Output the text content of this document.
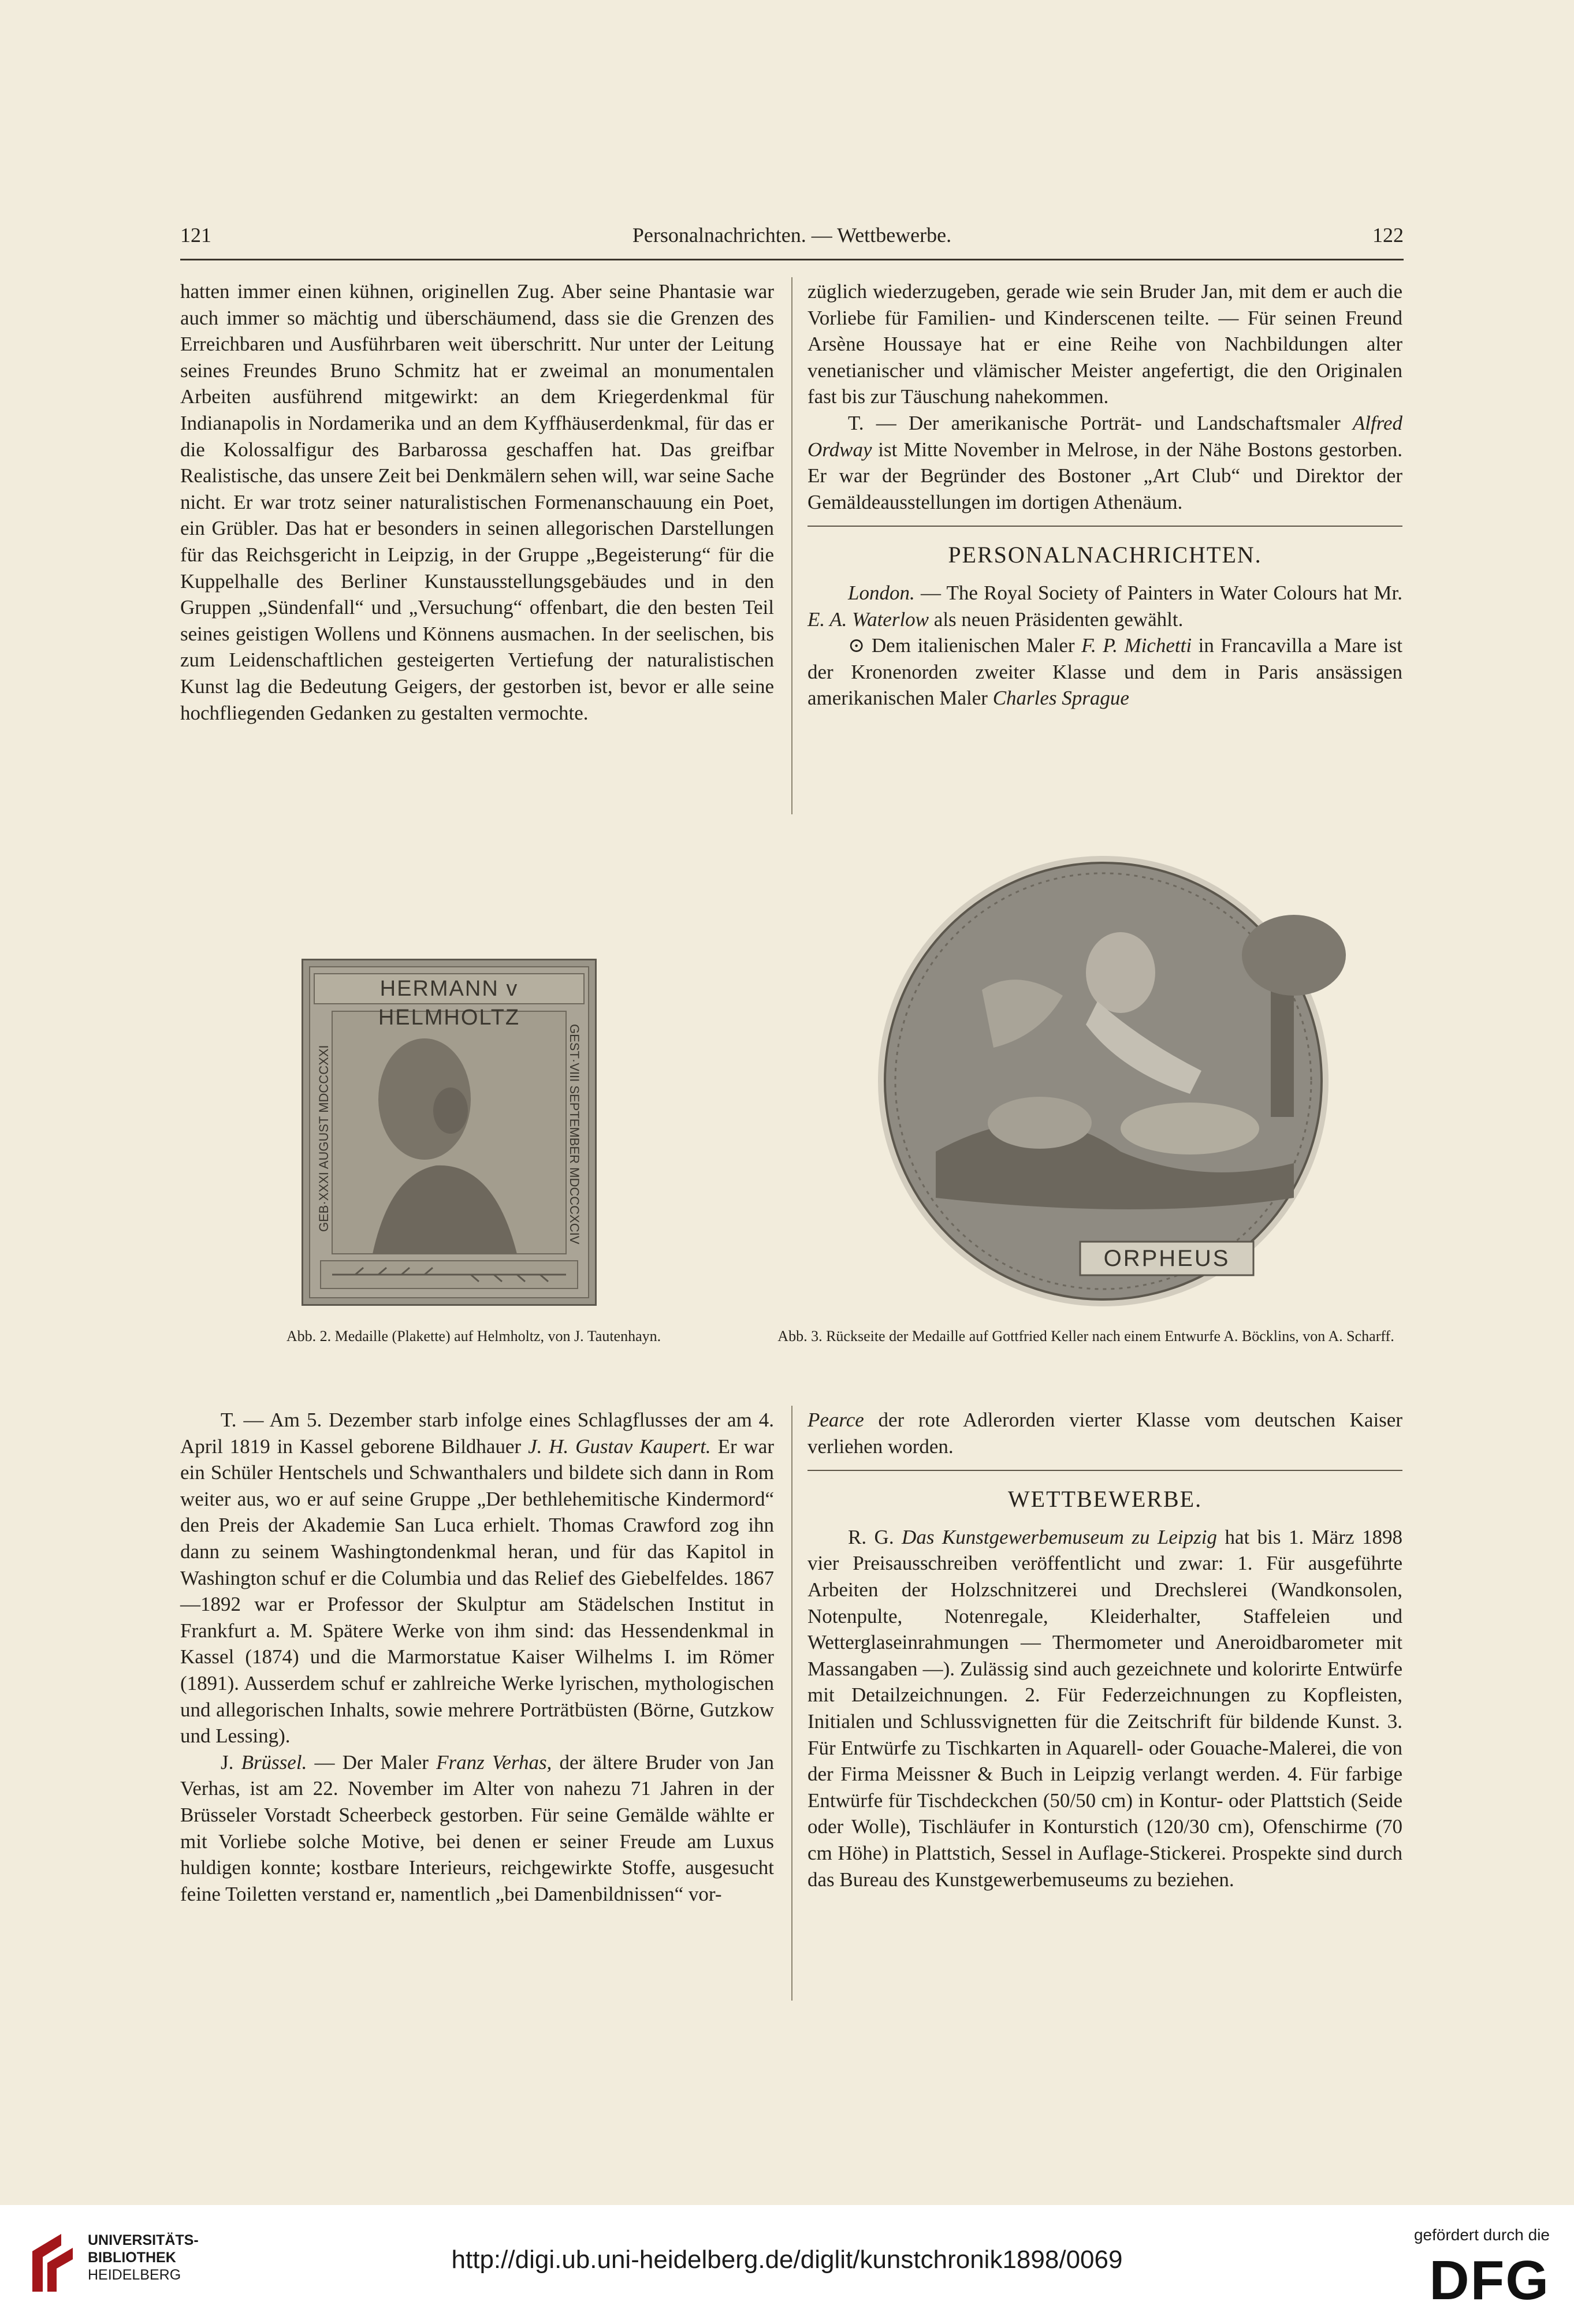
121	Personalnachrichten. — Wettbewerbe.	122

hatten immer einen kühnen, originellen Zug. Aber seine Phantasie war auch immer so mächtig und überschäumend, dass sie die Grenzen des Erreichbaren und Ausführbaren weit überschritt. Nur unter der Leitung seines Freundes Bruno Schmitz hat er zweimal an monumentalen Arbeiten ausführend mitgewirkt: an dem Kriegerdenkmal für Indianapolis in Nordamerika und an dem Kyffhäuserdenkmal, für das er die Kolossalfigur des Barbarossa geschaffen hat. Das greifbar Realistische, das unsere Zeit bei Denkmälern sehen will, war seine Sache nicht. Er war trotz seiner naturalistischen Formenanschauung ein Poet, ein Grübler. Das hat er besonders in seinen allegorischen Darstellungen für das Reichsgericht in Leipzig, in der Gruppe „Begeisterung“ für die Kuppelhalle des Berliner Kunstausstellungsgebäudes und in den Gruppen „Sündenfall“ und „Versuchung“ offenbart, die den besten Teil seines geistigen Wollens und Könnens ausmachen. In der seelischen, bis zum Leidenschaftlichen gesteigerten Vertiefung der naturalistischen Kunst lag die Bedeutung Geigers, der gestorben ist, bevor er alle seine hochfliegenden Gedanken zu gestalten vermochte.

züglich wiederzugeben, gerade wie sein Bruder Jan, mit dem er auch die Vorliebe für Familien- und Kinderscenen teilte. — Für seinen Freund Arsène Houssaye hat er eine Reihe von Nachbildungen alter venetianischer und vlämischer Meister angefertigt, die den Originalen fast bis zur Täuschung nahekommen.

T. — Der amerikanische Porträt- und Landschaftsmaler Alfred Ordway ist Mitte November in Melrose, in der Nähe Bostons gestorben. Er war der Begründer des Bostoner „Art Club“ und Direktor der Gemäldeausstellungen im dortigen Athenäum.

PERSONALNACHRICHTEN.

London. — The Royal Society of Painters in Water Colours hat Mr. E. A. Waterlow als neuen Präsidenten gewählt.

⊙ Dem italienischen Maler F. P. Michetti in Francavilla a Mare ist der Kronenorden zweiter Klasse und dem in Paris ansässigen amerikanischen Maler Charles Sprague

GEB·XXXI AUGUST MDCCCXXI	GEST·VIII SEPTEMBER MDCCCXCIV
HERMANN v HELMHOLTZ
ORPHEUS
Abb. 2. Medaille (Plakette) auf Helmholtz, von J. Tautenhayn.	Abb. 3. Rückseite der Medaille auf Gottfried Keller nach einem Entwurfe A. Böcklins, von A. Scharff.

T. — Am 5. Dezember starb infolge eines Schlagflusses der am 4. April 1819 in Kassel geborene Bildhauer J. H. Gustav Kaupert. Er war ein Schüler Hentschels und Schwanthalers und bildete sich dann in Rom weiter aus, wo er auf seine Gruppe „Der bethlehemitische Kindermord“ den Preis der Akademie San Luca erhielt. Thomas Crawford zog ihn dann zu seinem Washingtondenkmal heran, und für das Kapitol in Washington schuf er die Columbia und das Relief des Giebelfeldes. 1867—1892 war er Professor der Skulptur am Städelschen Institut in Frankfurt a. M. Spätere Werke von ihm sind: das Hessendenkmal in Kassel (1874) und die Marmorstatue Kaiser Wilhelms I. im Römer (1891). Ausserdem schuf er zahlreiche Werke lyrischen, mythologischen und allegorischen Inhalts, sowie mehrere Porträtbüsten (Börne, Gutzkow und Lessing).

J. Brüssel. — Der Maler Franz Verhas, der ältere Bruder von Jan Verhas, ist am 22. November im Alter von nahezu 71 Jahren in der Brüsseler Vorstadt Scheerbeck gestorben. Für seine Gemälde wählte er mit Vorliebe solche Motive, bei denen er seiner Freude am Luxus huldigen konnte; kostbare Interieurs, reichgewirkte Stoffe, ausgesucht feine Toiletten verstand er, namentlich „bei Damenbildnissen“ vor-

Pearce der rote Adlerorden vierter Klasse vom deutschen Kaiser verliehen worden.

WETTBEWERBE.

R. G. Das Kunstgewerbemuseum zu Leipzig hat bis 1. März 1898 vier Preisausschreiben veröffentlicht und zwar: 1. Für ausgeführte Arbeiten der Holzschnitzerei und Drechslerei (Wandkonsolen, Notenpulte, Notenregale, Kleiderhalter, Staffeleien und Wetterglaseinrahmungen — Thermometer und Aneroidbarometer mit Massangaben —). Zulässig sind auch gezeichnete und kolorirte Entwürfe mit Detailzeichnungen. 2. Für Federzeichnungen zu Kopfleisten, Initialen und Schlussvignetten für die Zeitschrift für bildende Kunst. 3. Für Entwürfe zu Tischkarten in Aquarell- oder Gouache-Malerei, die von der Firma Meissner & Buch in Leipzig verlangt werden. 4. Für farbige Entwürfe für Tischdeckchen (50/50 cm) in Kontur- oder Plattstich (Seide oder Wolle), Tischläufer in Konturstich (120/30 cm), Ofenschirme (70 cm Höhe) in Plattstich, Sessel in Auflage-Stickerei. Prospekte sind durch das Bureau des Kunstgewerbemuseums zu beziehen.

UNIVERSITÄTS-
BIBLIOTHEK
HEIDELBERG
http://digi.ub.uni-heidelberg.de/diglit/kunstchronik1898/0069
gefördert durch die
DFG
